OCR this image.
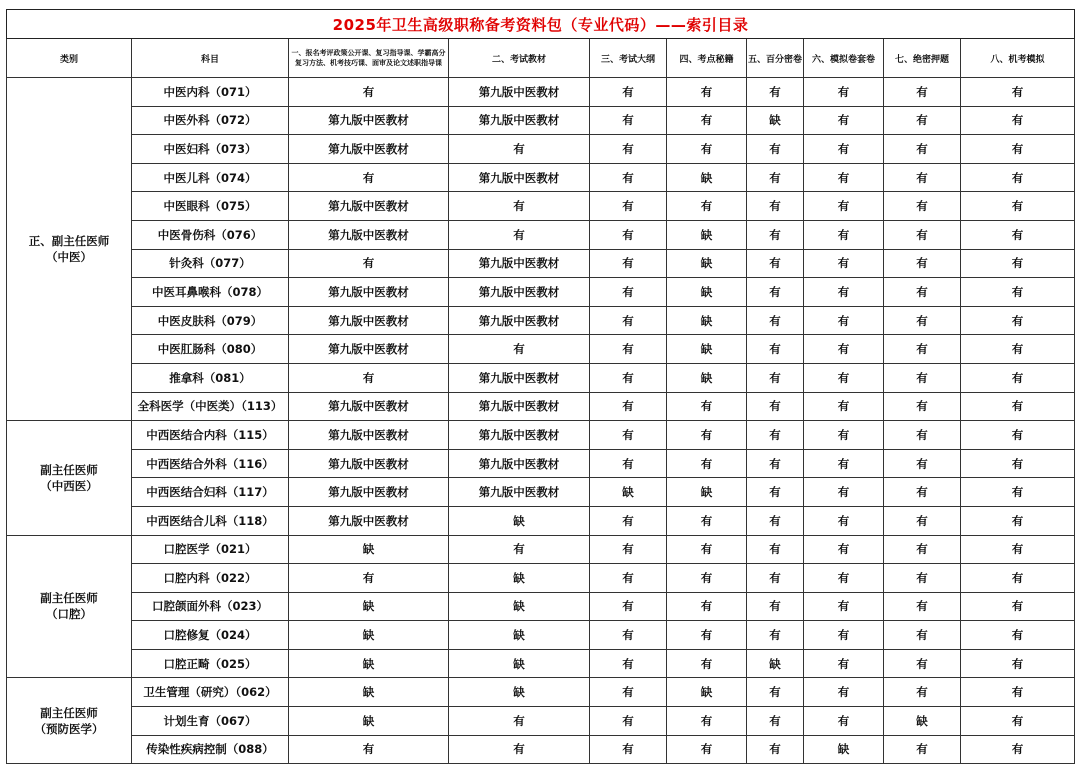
2025年卫生高级职称备考资料包（专业代码）——索引目录									
类别	科目	一、报名考评政策公开课、复习指导课、学霸高分复习方法、机考技巧课、面审及论文述职指导课	二、考试教材	三、考试大纲	四、考点秘籍	五、百分密卷	六、模拟卷套卷	七、绝密押题	八、机考模拟

正、副主任医师
（中医）	中医内科（071）	有	第九版中医教材	有	有	有	有	有	有
	中医外科（072）	第九版中医教材	第九版中医教材	有	有	缺	有	有	有
	中医妇科（073）	第九版中医教材	有	有	有	有	有	有	有
	中医儿科（074）	有	第九版中医教材	有	缺	有	有	有	有
	中医眼科（075）	第九版中医教材	有	有	有	有	有	有	有
	中医骨伤科（076）	第九版中医教材	有	有	缺	有	有	有	有
	针灸科（077）	有	第九版中医教材	有	缺	有	有	有	有
	中医耳鼻喉科（078）	第九版中医教材	第九版中医教材	有	缺	有	有	有	有
	中医皮肤科（079）	第九版中医教材	第九版中医教材	有	缺	有	有	有	有
	中医肛肠科（080）	第九版中医教材	有	有	缺	有	有	有	有
	推拿科（081）	有	第九版中医教材	有	缺	有	有	有	有
	全科医学（中医类）（113）	第九版中医教材	第九版中医教材	有	有	有	有	有	有

副主任医师
（中西医）	中西医结合内科（115）	第九版中医教材	第九版中医教材	有	有	有	有	有	有
	中西医结合外科（116）	第九版中医教材	第九版中医教材	有	有	有	有	有	有
	中西医结合妇科（117）	第九版中医教材	第九版中医教材	缺	缺	有	有	有	有
	中西医结合儿科（118）	第九版中医教材	缺	有	有	有	有	有	有

副主任医师
（口腔）	口腔医学（021）	缺	有	有	有	有	有	有	有
	口腔内科（022）	有	缺	有	有	有	有	有	有
	口腔颌面外科（023）	缺	缺	有	有	有	有	有	有
	口腔修复（024）	缺	缺	有	有	有	有	有	有
	口腔正畸（025）	缺	缺	有	有	缺	有	有	有

副主任医师
（预防医学）	卫生管理（研究）（062）	缺	缺	有	缺	有	有	有	有
	计划生育（067）	缺	有	有	有	有	有	缺	有
	传染性疾病控制（088）	有	有	有	有	有	缺	有	有
